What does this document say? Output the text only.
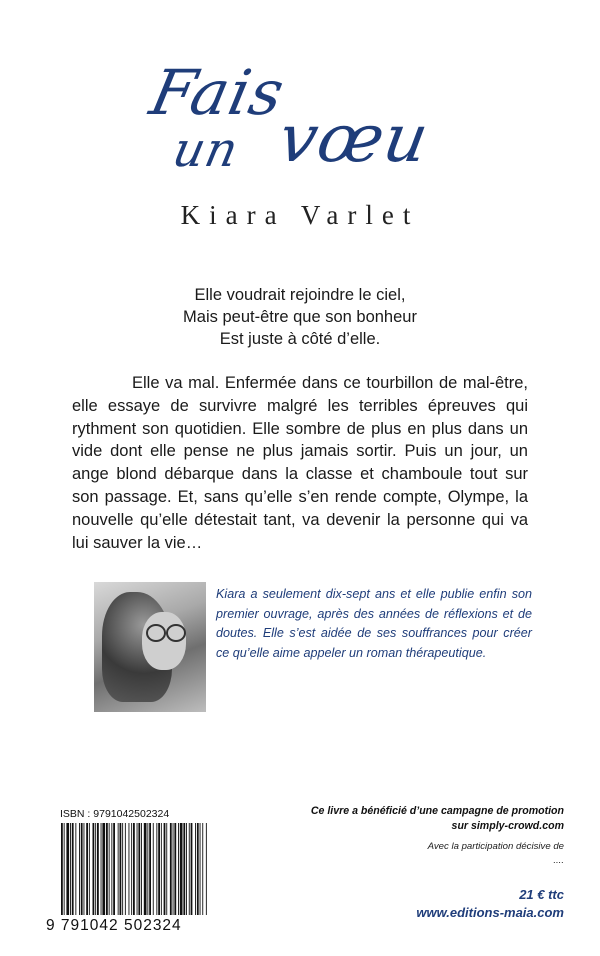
Fais
un vœu
Kiara Varlet
Elle voudrait rejoindre le ciel,
Mais peut-être que son bonheur
Est juste à côté d’elle.
Elle va mal. Enfermée dans ce tourbillon de mal-être, elle essaye de survivre malgré les terribles épreuves qui rythment son quotidien. Elle sombre de plus en plus dans un vide dont elle pense ne plus jamais sortir. Puis un jour, un ange blond débarque dans la classe et chamboule tout sur son passage. Et, sans qu’elle s’en rende compte, Olympe, la nouvelle qu’elle détestait tant, va devenir la personne qui va lui sauver la vie…
Kiara a seulement dix-sept ans et elle publie enfin son premier ouvrage, après des années de réflexions et de doutes. Elle s’est aidée de ses souffrances pour créer ce qu’elle aime appeler un roman thérapeutique.
ISBN : 9791042502324
9 791042 502324
Ce livre a bénéficié d’une campagne de promotion
sur simply-crowd.com
Avec la participation décisive de
....
21 € ttc
www.editions-maia.com
